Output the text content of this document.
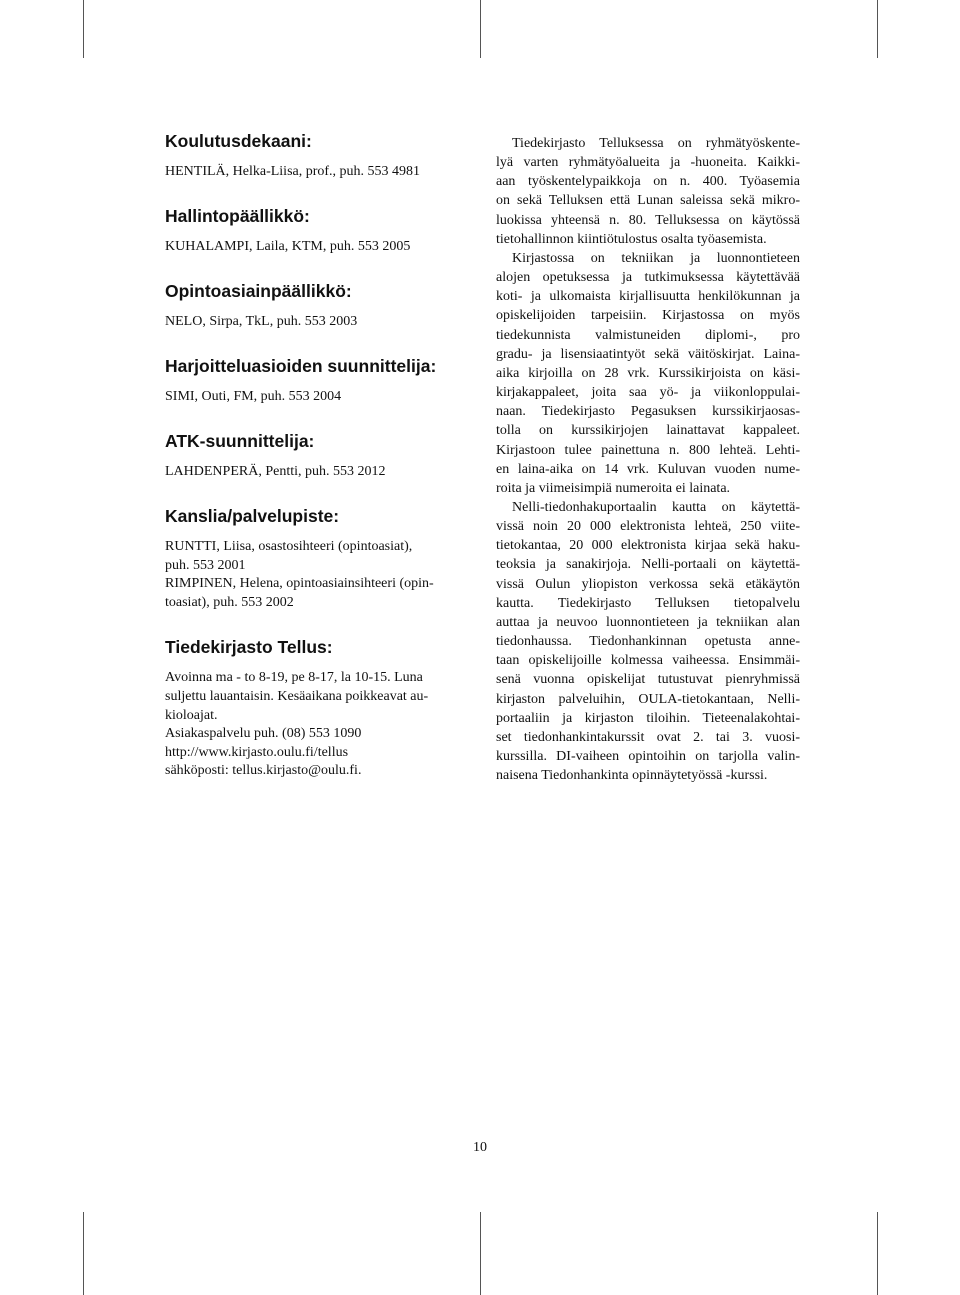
Koulutusdekaani:

HENTILÄ, Helka-Liisa, prof., puh. 553 4981

Hallintopäällikkö:

KUHALAMPI, Laila, KTM, puh. 553 2005

Opintoasiainpäällikkö:

NELO, Sirpa, TkL, puh. 553 2003

Harjoitteluasioiden suunnittelija:

SIMI, Outi, FM, puh. 553 2004

ATK-suunnittelija:

LAHDENPERÄ, Pentti, puh. 553 2012

Kanslia/palvelupiste:
RUNTTI, Liisa, osastosihteeri (opintoasiat),
puh. 553 2001
RIMPINEN, Helena, opintoasiainsihteeri (opin-
toasiat), puh. 553 2002
Tiedekirjasto Tellus:
Avoinna ma - to 8-19, pe 8-17, la 10-15. Luna
suljettu lauantaisin. Kesäaikana poikkeavat au-
kioloajat.
Asiakaspalvelu puh. (08) 553 1090
http://www.kirjasto.oulu.fi/tellus
sähköposti: tellus.kirjasto@oulu.fi.

Tiedekirjasto Telluksessa on ryhmätyöskente-
lyä varten ryhmätyöalueita ja -huoneita. Kaikki-
aan työskentelypaikkoja on n. 400. Työasemia
on sekä Telluksen että Lunan saleissa sekä mikro-
luokissa yhteensä n. 80. Telluksessa on käytössä
tietohallinnon kiintiötulostus osalta työasemista.

Kirjastossa on tekniikan ja luonnontieteen
alojen opetuksessa ja tutkimuksessa käytettävää
koti- ja ulkomaista kirjallisuutta henkilökunnan ja
opiskelijoiden tarpeisiin. Kirjastossa on myös
tiedekunnista valmistuneiden diplomi-, pro
gradu- ja lisensiaatintyöt sekä väitöskirjat. Laina-
aika kirjoilla on 28 vrk. Kurssikirjoista on käsi-
kirjakappaleet, joita saa yö- ja viikonloppulai-
naan. Tiedekirjasto Pegasuksen kurssikirjaosas-
tolla on kurssikirjojen lainattavat kappaleet.
Kirjastoon tulee painettuna n. 800 lehteä. Lehti-
en laina-aika on 14 vrk. Kuluvan vuoden nume-
roita ja viimeisimpiä numeroita ei lainata.

Nelli-tiedonhakuportaalin kautta on käytettä-
vissä noin 20 000 elektronista lehteä, 250 viite-
tietokantaa, 20 000 elektronista kirjaa sekä haku-
teoksia ja sanakirjoja. Nelli-portaali on käytettä-
vissä Oulun yliopiston verkossa sekä etäkäytön
kautta. Tiedekirjasto Telluksen tietopalvelu
auttaa ja neuvoo luonnontieteen ja tekniikan alan
tiedonhaussa. Tiedonhankinnan opetusta anne-
taan opiskelijoille kolmessa vaiheessa. Ensimmäi-
senä vuonna opiskelijat tutustuvat pienryhmissä
kirjaston palveluihin, OULA-tietokantaan, Nelli-
portaaliin ja kirjaston tiloihin. Tieteenalakohtai-
set tiedonhankintakurssit ovat 2. tai 3. vuosi-
kurssilla. DI-vaiheen opintoihin on tarjolla valin-
naisena Tiedonhankinta opinnäytetyössä -kurssi.

10
